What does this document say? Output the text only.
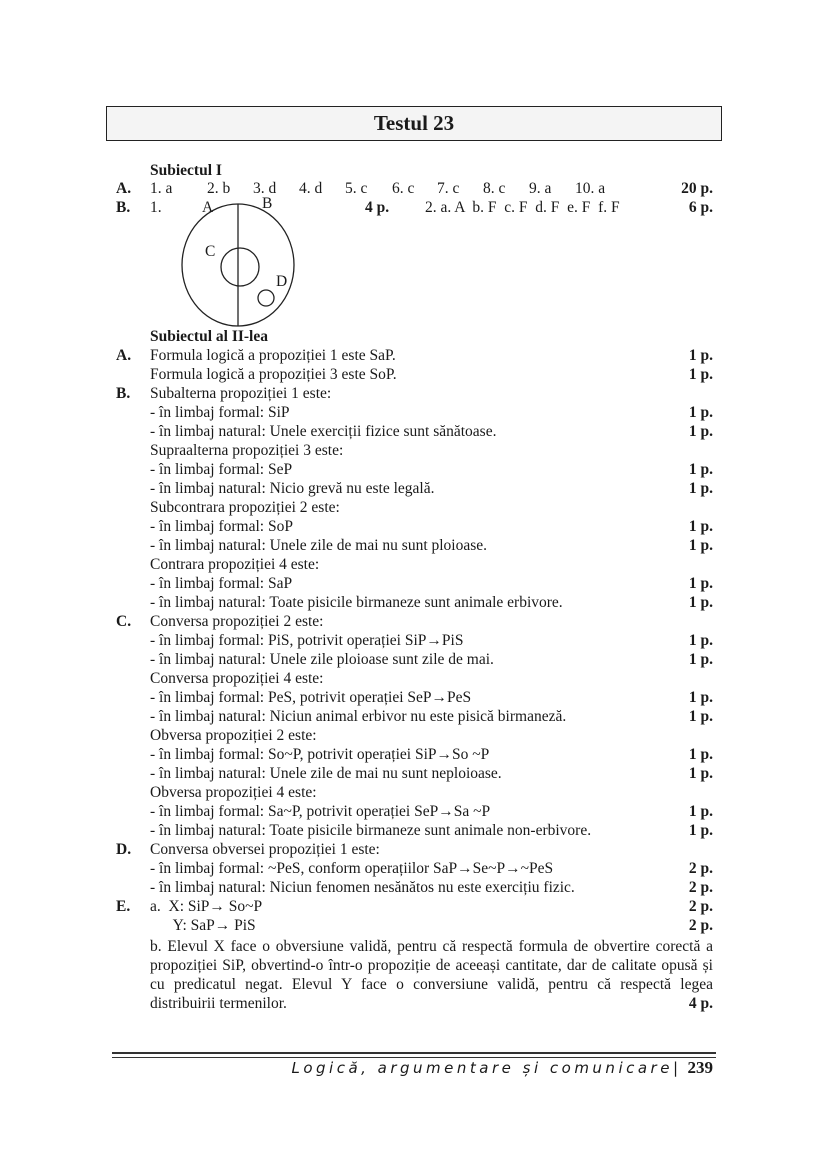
Testul 23
Subiectul I
A. 1. a 2. b 3. d 4. d 5. c 6. c 7. c 8. c 9. a 10. a	20 p.
B. 1.	4 p. 2. a. A  b. F  c. F  d. F  e. F  f. F	6 p.
A	B
C
D
Subiectul al II-lea
A. Formula logică a propoziției 1 este SaP.	1 p.
Formula logică a propoziției 3 este SoP.	1 p.
B. Subalterna propoziției 1 este:
- în limbaj formal: SiP	1 p.
- în limbaj natural: Unele exerciții fizice sunt sănătoase.	1 p.
Supraalterna propoziției 3 este:
- în limbaj formal: SeP	1 p.
- în limbaj natural: Nicio grevă nu este legală.	1 p.
Subcontrara propoziției 2 este:
- în limbaj formal: SoP	1 p.
- în limbaj natural: Unele zile de mai nu sunt ploioase.	1 p.
Contrara propoziției 4 este:
- în limbaj formal: SaP	1 p.
- în limbaj natural: Toate pisicile birmaneze sunt animale erbivore.	1 p.
C. Conversa propoziției 2 este:
- în limbaj formal: PiS, potrivit operației SiP→PiS	1 p.
- în limbaj natural: Unele zile ploioase sunt zile de mai.	1 p.
Conversa propoziției 4 este:
- în limbaj formal: PeS, potrivit operației SeP→PeS	1 p.
- în limbaj natural: Niciun animal erbivor nu este pisică birmaneză.	1 p.
Obversa propoziției 2 este:
- în limbaj formal: So~P, potrivit operației SiP→So ~P	1 p.
- în limbaj natural: Unele zile de mai nu sunt neploioase.	1 p.
Obversa propoziției 4 este:
- în limbaj formal: Sa~P, potrivit operației SeP→Sa ~P	1 p.
- în limbaj natural: Toate pisicile birmaneze sunt animale non-erbivore.	1 p.
D. Conversa obversei propoziției 1 este:
- în limbaj formal: ~PeS, conform operațiilor SaP→Se~P→~PeS	2 p.
- în limbaj natural: Niciun fenomen nesănătos nu este exercițiu fizic.	2 p.
E. a.  X: SiP→ So~P	2 p.
Y: SaP→ PiS	2 p.
b. Elevul X face o obversiune validă, pentru că respectă formula de obvertire corectă a propoziției SiP, obvertind-o într-o propoziție de aceeași cantitate, dar de calitate opusă și cu predicatul negat. Elevul Y face o conversiune validă, pentru că respectă legea distribuirii termenilor.	4 p.
Logică, argumentare și comunicare| 239
